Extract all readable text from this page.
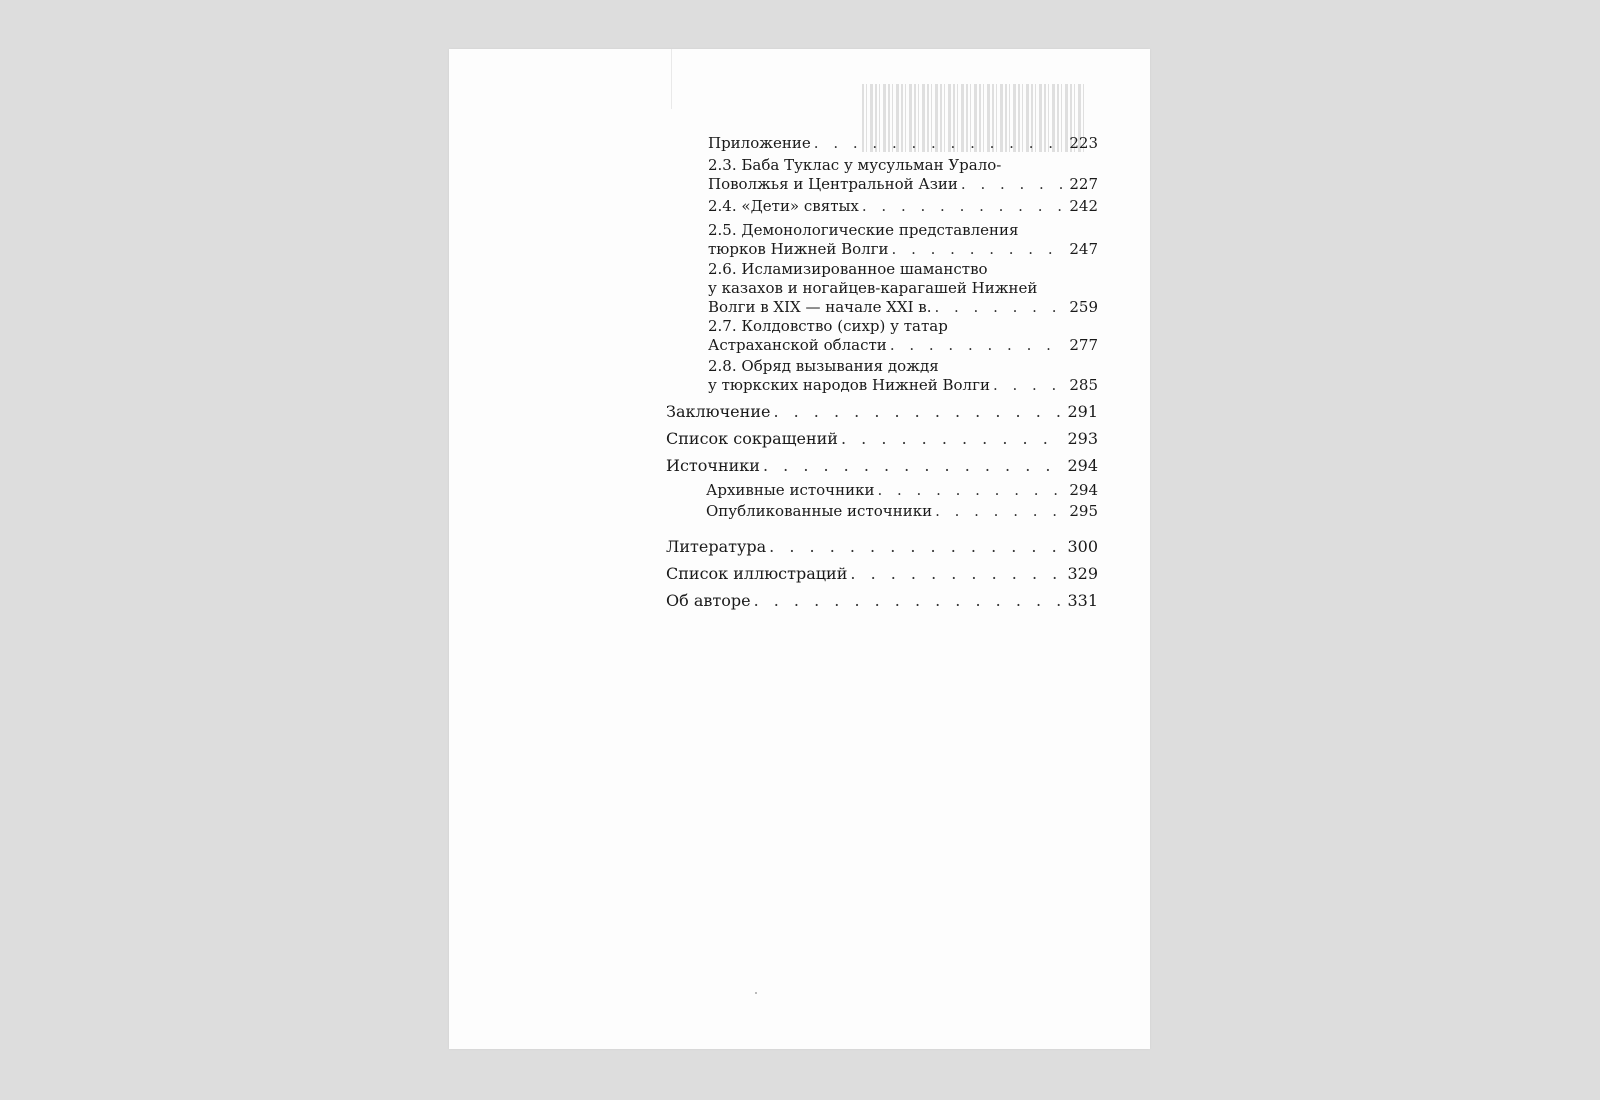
Приложение . . .	223
2.3. Баба Туклас у мусульман Урало-
Поволжья и Центральной Азии . . .	227
2.4. «Дети» святых . . .	242
2.5. Демонологические представления
тюрков Нижней Волги . . .	247
2.6. Исламизированное шаманство
у казахов и ногайцев-карагашей Нижней
Волги в XIX — начале XXI в. . . .	259
2.7. Колдовство (сихр) у татар
Астраханской области . . .	277
2.8. Обряд вызывания дождя
у тюркских народов Нижней Волги . . .	285
Заключение . . .	291
Список сокращений . . .	293
Источники . . .	294
Архивные источники . . .	294
Опубликованные источники . . .	295
Литература . . .	300
Список иллюстраций . . .	329
Об авторе . . .	331
